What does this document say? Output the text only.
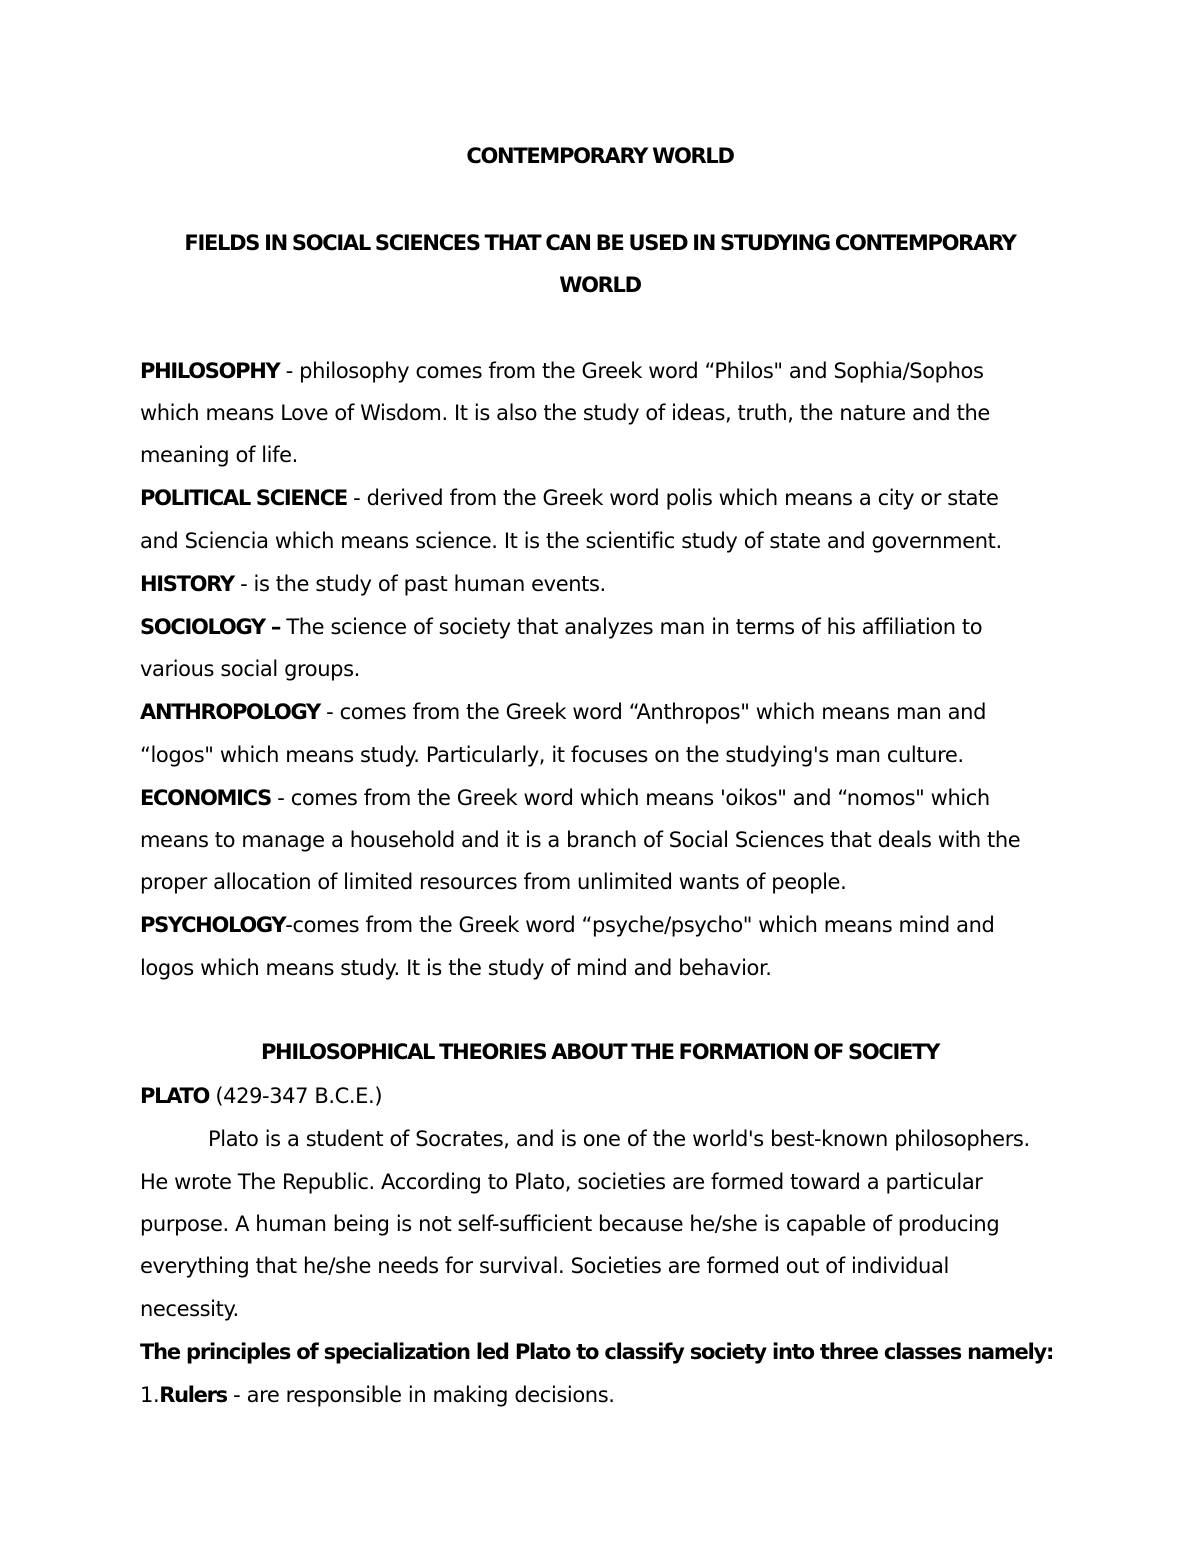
CONTEMPORARY WORLD
FIELDS IN SOCIAL SCIENCES THAT CAN BE USED IN STUDYING CONTEMPORARY
WORLD
PHILOSOPHY - philosophy comes from the Greek word “Philos" and Sophia/Sophos
which means Love of Wisdom. It is also the study of ideas, truth, the nature and the
meaning of life.
POLITICAL SCIENCE - derived from the Greek word polis which means a city or state
and Sciencia which means science. It is the scientific study of state and government.
HISTORY - is the study of past human events.
SOCIOLOGY – The science of society that analyzes man in terms of his affiliation to
various social groups.
ANTHROPOLOGY - comes from the Greek word “Anthropos" which means man and
“logos" which means study. Particularly, it focuses on the studying's man culture.
ECONOMICS - comes from the Greek word which means 'oikos" and “nomos" which
means to manage a household and it is a branch of Social Sciences that deals with the
proper allocation of limited resources from unlimited wants of people.
PSYCHOLOGY-comes from the Greek word “psyche/psycho" which means mind and
logos which means study. It is the study of mind and behavior.
PHILOSOPHICAL THEORIES ABOUT THE FORMATION OF SOCIETY
PLATO (429-347 B.C.E.)
Plato is a student of Socrates, and is one of the world's best-known philosophers.
He wrote The Republic. According to Plato, societies are formed toward a particular
purpose. A human being is not self-sufficient because he/she is capable of producing
everything that he/she needs for survival. Societies are formed out of individual
necessity.
The principles of specialization led Plato to classify society into three classes namely:
1.Rulers - are responsible in making decisions.
